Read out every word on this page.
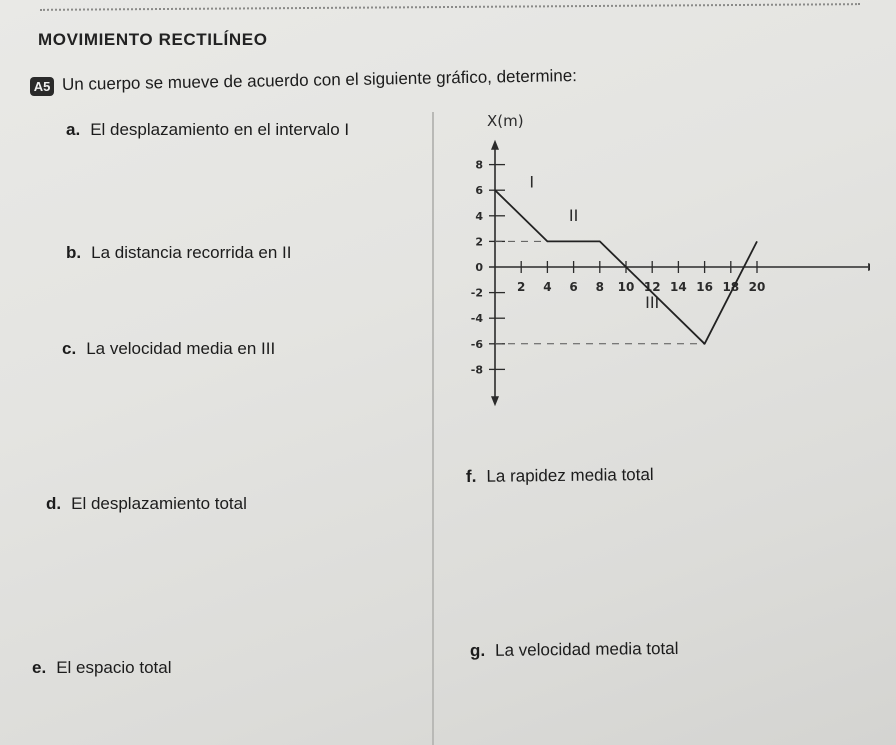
MOVIMIENTO RECTILÍNEO
A5 Un cuerpo se mueve de acuerdo con el siguiente gráfico, determine:
a. El desplazamiento en el intervalo I
b. La distancia recorrida en II
c. La velocidad media en III
d. El desplazamiento total
e. El espacio total
f. La rapidez media total
g. La velocidad media total
X(m)
8
6
4
2
0
-2
-4
-6
-8
2 4 6 8 10 12 14 16 18 20
I
II
III
